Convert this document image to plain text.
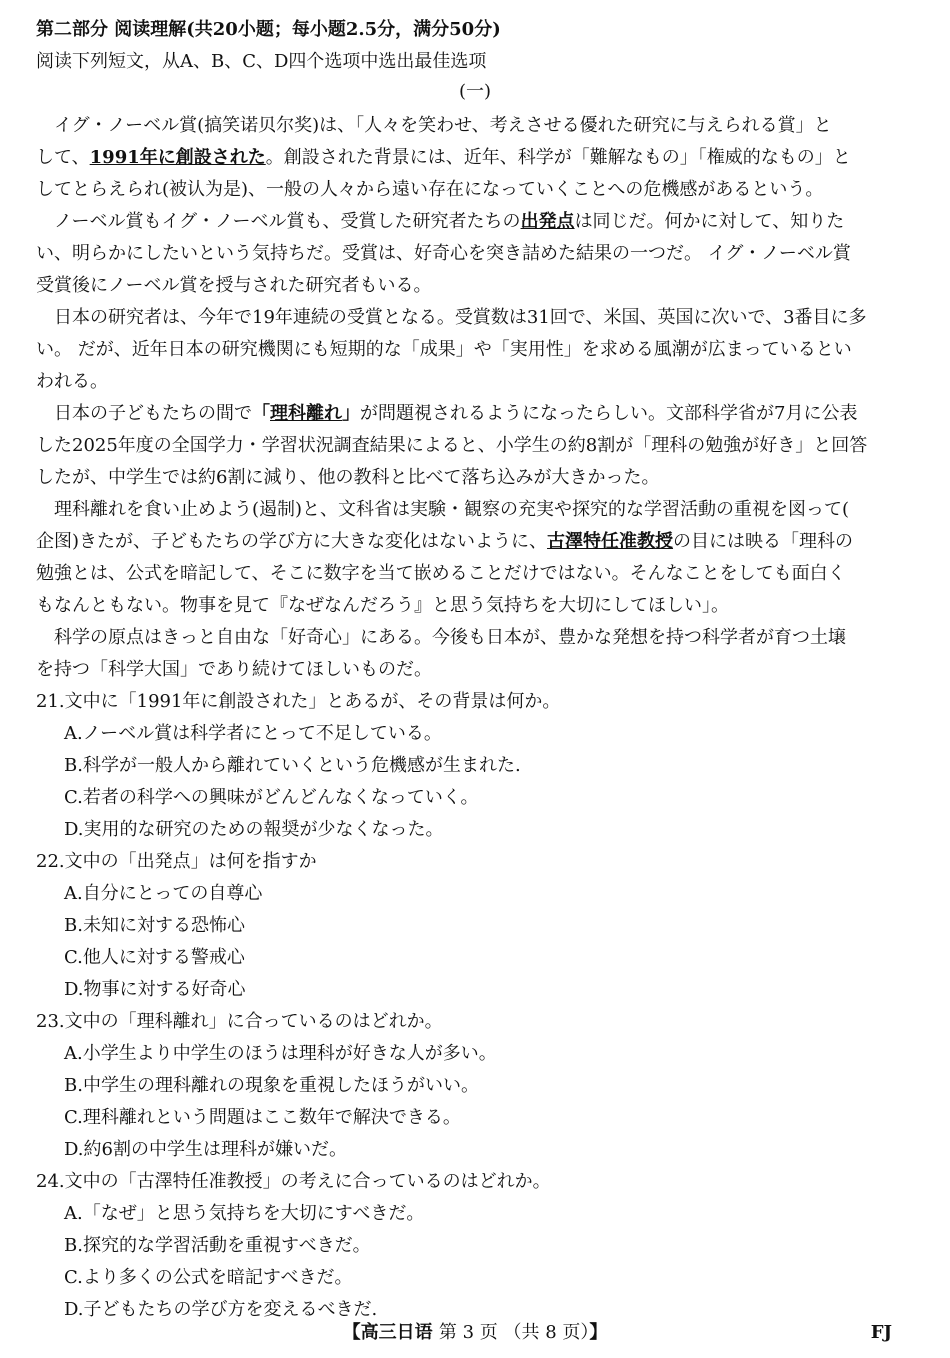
第二部分 阅读理解(共20小题；每小题2.5分，满分50分)
阅读下列短文，从A、B、C、D四个选项中选出最佳选项
(一)
イグ・ノーベル賞(搞笑诺贝尔奖)は、「人々を笑わせ、考えさせる優れた研究に与えられる賞」と
して、1991年に創設された。創設された背景には、近年、科学が「難解なもの」「権威的なもの」と
してとらえられ(被认为是)、一般の人々から遠い存在になっていくことへの危機感があるという。
ノーベル賞もイグ・ノーベル賞も、受賞した研究者たちの出発点は同じだ。何かに対して、知りた
い、明らかにしたいという気持ちだ。受賞は、好奇心を突き詰めた結果の一つだ。 イグ・ノーベル賞
受賞後にノーベル賞を授与された研究者もいる。
日本の研究者は、今年で19年連続の受賞となる。受賞数は31回で、米国、英国に次いで、3番目に多
い。 だが、近年日本の研究機関にも短期的な「成果」や「実用性」を求める風潮が広まっているとい
われる。
日本の子どもたちの間で「理科離れ」が問題視されるようになったらしい。文部科学省が7月に公表
した2025年度の全国学力・学習状況調査結果によると、小学生の約8割が「理科の勉強が好き」と回答
したが、中学生では約6割に減り、他の教科と比べて落ち込みが大きかった。
理科離れを食い止めよう(遏制)と、文科省は実験・観察の充実や探究的な学習活動の重視を図って(
企图)きたが、子どもたちの学び方に大きな変化はないように、古澤特任准教授の目には映る「理科の
勉強とは、公式を暗記して、そこに数字を当て嵌めることだけではない。そんなことをしても面白く
もなんともない。物事を見て『なぜなんだろう』と思う気持ちを大切にしてほしい」。
科学の原点はきっと自由な「好奇心」にある。今後も日本が、豊かな発想を持つ科学者が育つ土壌
を持つ「科学大国」であり続けてほしいものだ。
21.文中に「1991年に創設された」とあるが、その背景は何か。
A.ノーベル賞は科学者にとって不足している。
B.科学が一般人から離れていくという危機感が生まれた.
C.若者の科学への興味がどんどんなくなっていく。
D.実用的な研究のための報奨が少なくなった。
22.文中の「出発点」は何を指すか
A.自分にとっての自尊心
B.未知に対する恐怖心
C.他人に対する警戒心
D.物事に対する好奇心
23.文中の「理科離れ」に合っているのはどれか。
A.小学生より中学生のほうは理科が好きな人が多い。
B.中学生の理科離れの現象を重視したほうがいい。
C.理科離れという問題はここ数年で解決できる。
D.約6割の中学生は理科が嫌いだ。
24.文中の「古澤特任准教授」の考えに合っているのはどれか。
A.「なぜ」と思う気持ちを大切にすべきだ。
B.探究的な学習活動を重視すべきだ。
C.より多くの公式を暗記すべきだ。
D.子どもたちの学び方を変えるべきだ.
【高三日语 第 3 页 （共 8 页）】	FJ
